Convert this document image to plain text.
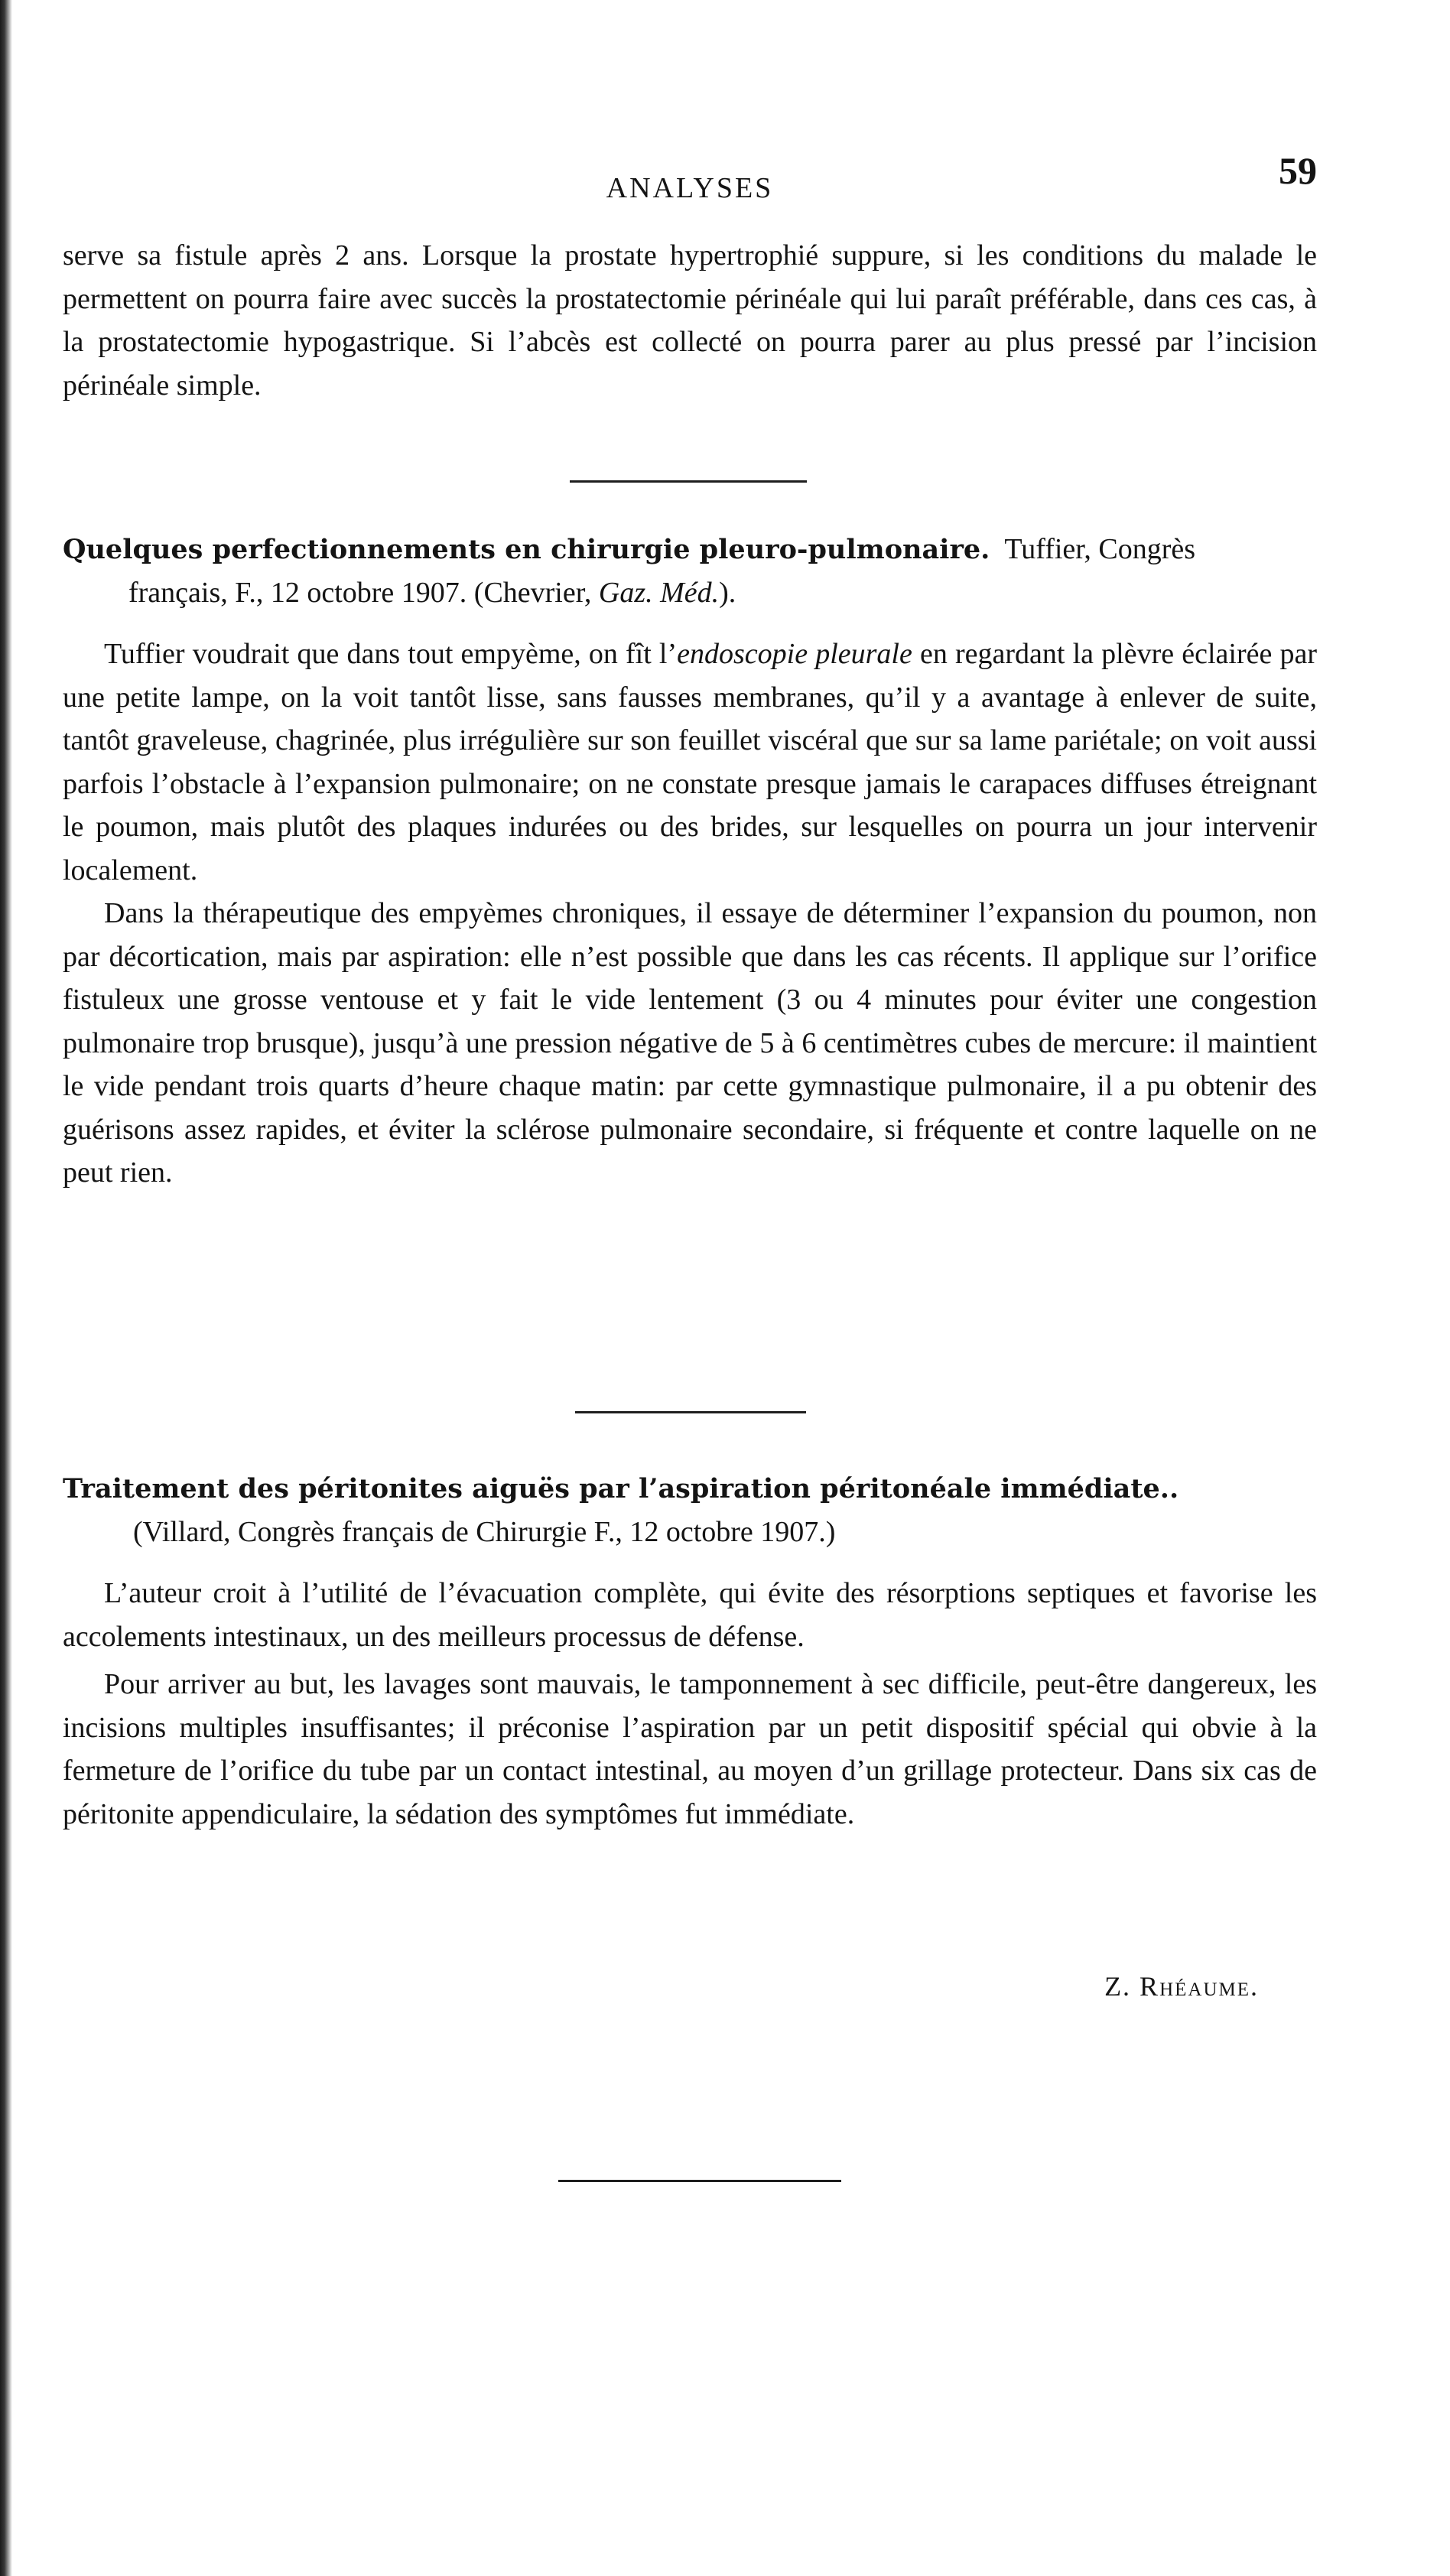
ANALYSES	59

serve sa fistule après 2 ans. Lorsque la prostate hypertrophié suppure, si les conditions du malade le permettent on pourra faire avec succès la prostatectomie périnéale qui lui paraît préférable, dans ces cas, à la prostatectomie hypogastrique. Si l’abcès est collecté on pourra parer au plus pressé par l’incision périnéale simple.

Quelques perfectionnements en chirurgie pleuro-pulmonaire. Tuffier, Congrès

français, F., 12 octobre 1907. (Chevrier, Gaz. Méd.).

Tuffier voudrait que dans tout empyème, on fît l’endoscopie pleurale en regardant la plèvre éclairée par une petite lampe, on la voit tantôt lisse, sans fausses membranes, qu’il y a avantage à enlever de suite, tantôt graveleuse, chagrinée, plus irrégulière sur son feuillet viscéral que sur sa lame pariétale; on voit aussi parfois l’obstacle à l’expansion pulmonaire; on ne constate presque jamais le carapaces diffuses étreignant le poumon, mais plutôt des plaques indurées ou des brides, sur lesquelles on pourra un jour intervenir localement.

Dans la thérapeutique des empyèmes chroniques, il essaye de déterminer l’expansion du poumon, non par décortication, mais par aspiration: elle n’est possible que dans les cas récents. Il applique sur l’orifice fistuleux une grosse ventouse et y fait le vide lentement (3 ou 4 minutes pour éviter une congestion pulmonaire trop brusque), jusqu’à une pression négative de 5 à 6 centimètres cubes de mercure: il maintient le vide pendant trois quarts d’heure chaque matin: par cette gymnastique pulmonaire, il a pu obtenir des guérisons assez rapides, et éviter la sclérose pulmonaire secondaire, si fréquente et contre laquelle on ne peut rien.

Traitement des péritonites aiguës par l’aspiration péritonéale immédiate..

(Villard, Congrès français de Chirurgie F., 12 octobre 1907.)

L’auteur croit à l’utilité de l’évacuation complète, qui évite des résorptions septiques et favorise les accolements intestinaux, un des meilleurs processus de défense.

Pour arriver au but, les lavages sont mauvais, le tamponnement à sec difficile, peut-être dangereux, les incisions multiples insuffisantes; il préconise l’aspiration par un petit dispositif spécial qui obvie à la fermeture de l’orifice du tube par un contact intestinal, au moyen d’un grillage protecteur. Dans six cas de péritonite appendiculaire, la sédation des symptômes fut immédiate.

Z. Rhéaume.
